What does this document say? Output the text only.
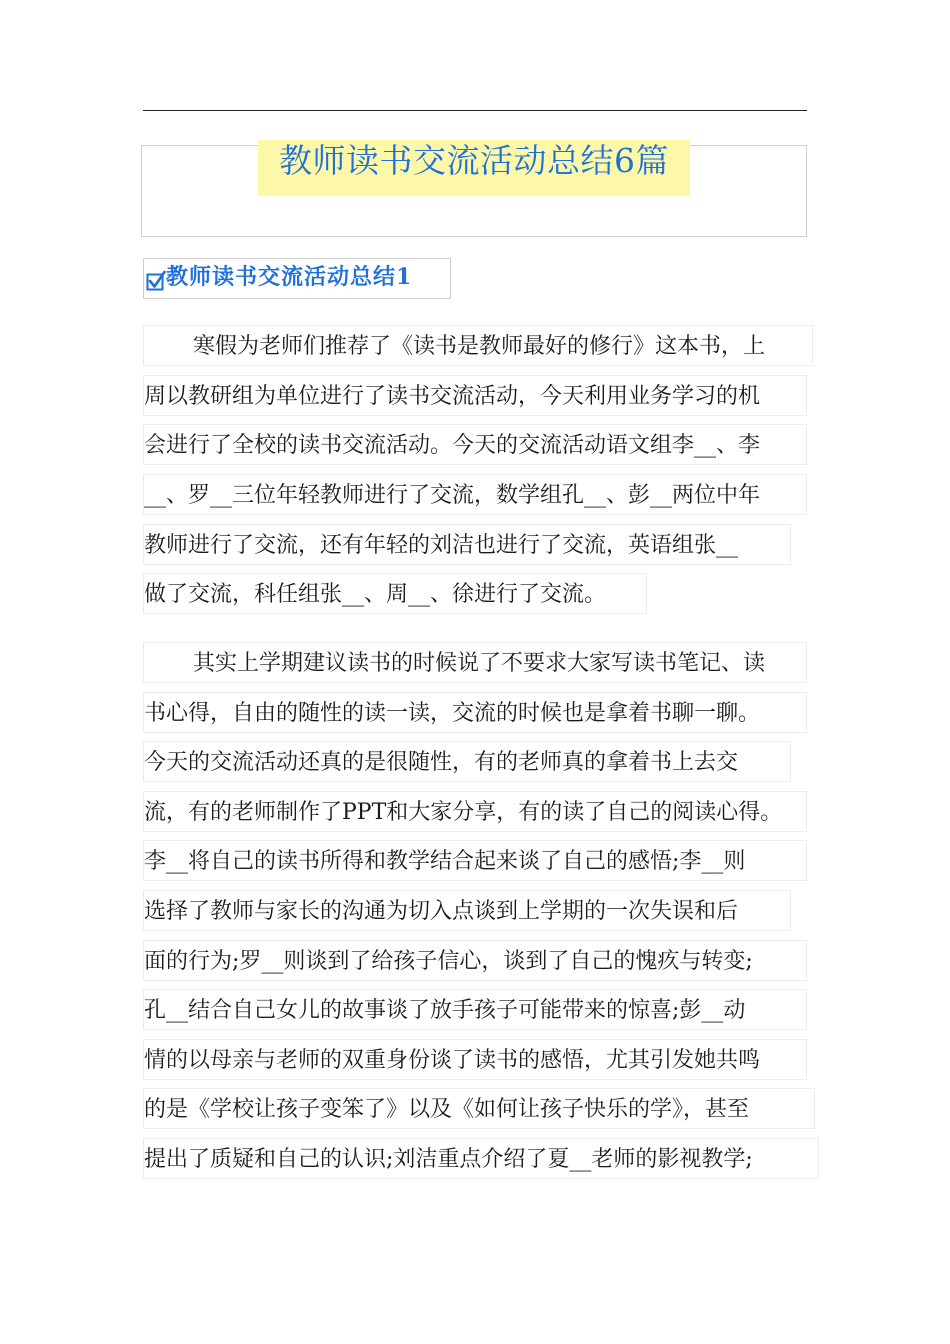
教师读书交流活动总结6篇
教师读书交流活动总结1
寒假为老师们推荐了《读书是教师最好的修行》这本书，上
周以教研组为单位进行了读书交流活动，今天利用业务学习的机
会进行了全校的读书交流活动。今天的交流活动语文组李__、李
__、罗__三位年轻教师进行了交流，数学组孔__、彭__两位中年
教师进行了交流，还有年轻的刘洁也进行了交流，英语组张__
做了交流，科任组张__、周__、徐进行了交流。
其实上学期建议读书的时候说了不要求大家写读书笔记、读
书心得，自由的随性的读一读，交流的时候也是拿着书聊一聊。
今天的交流活动还真的是很随性，有的老师真的拿着书上去交
流，有的老师制作了PPT和大家分享，有的读了自己的阅读心得。
李__将自己的读书所得和教学结合起来谈了自己的感悟;李__则
选择了教师与家长的沟通为切入点谈到上学期的一次失误和后
面的行为;罗__则谈到了给孩子信心，谈到了自己的愧疚与转变;
孔__结合自己女儿的故事谈了放手孩子可能带来的惊喜;彭__动
情的以母亲与老师的双重身份谈了读书的感悟，尤其引发她共鸣
的是《学校让孩子变笨了》以及《如何让孩子快乐的学》，甚至
提出了质疑和自己的认识;刘洁重点介绍了夏__老师的影视教学;
